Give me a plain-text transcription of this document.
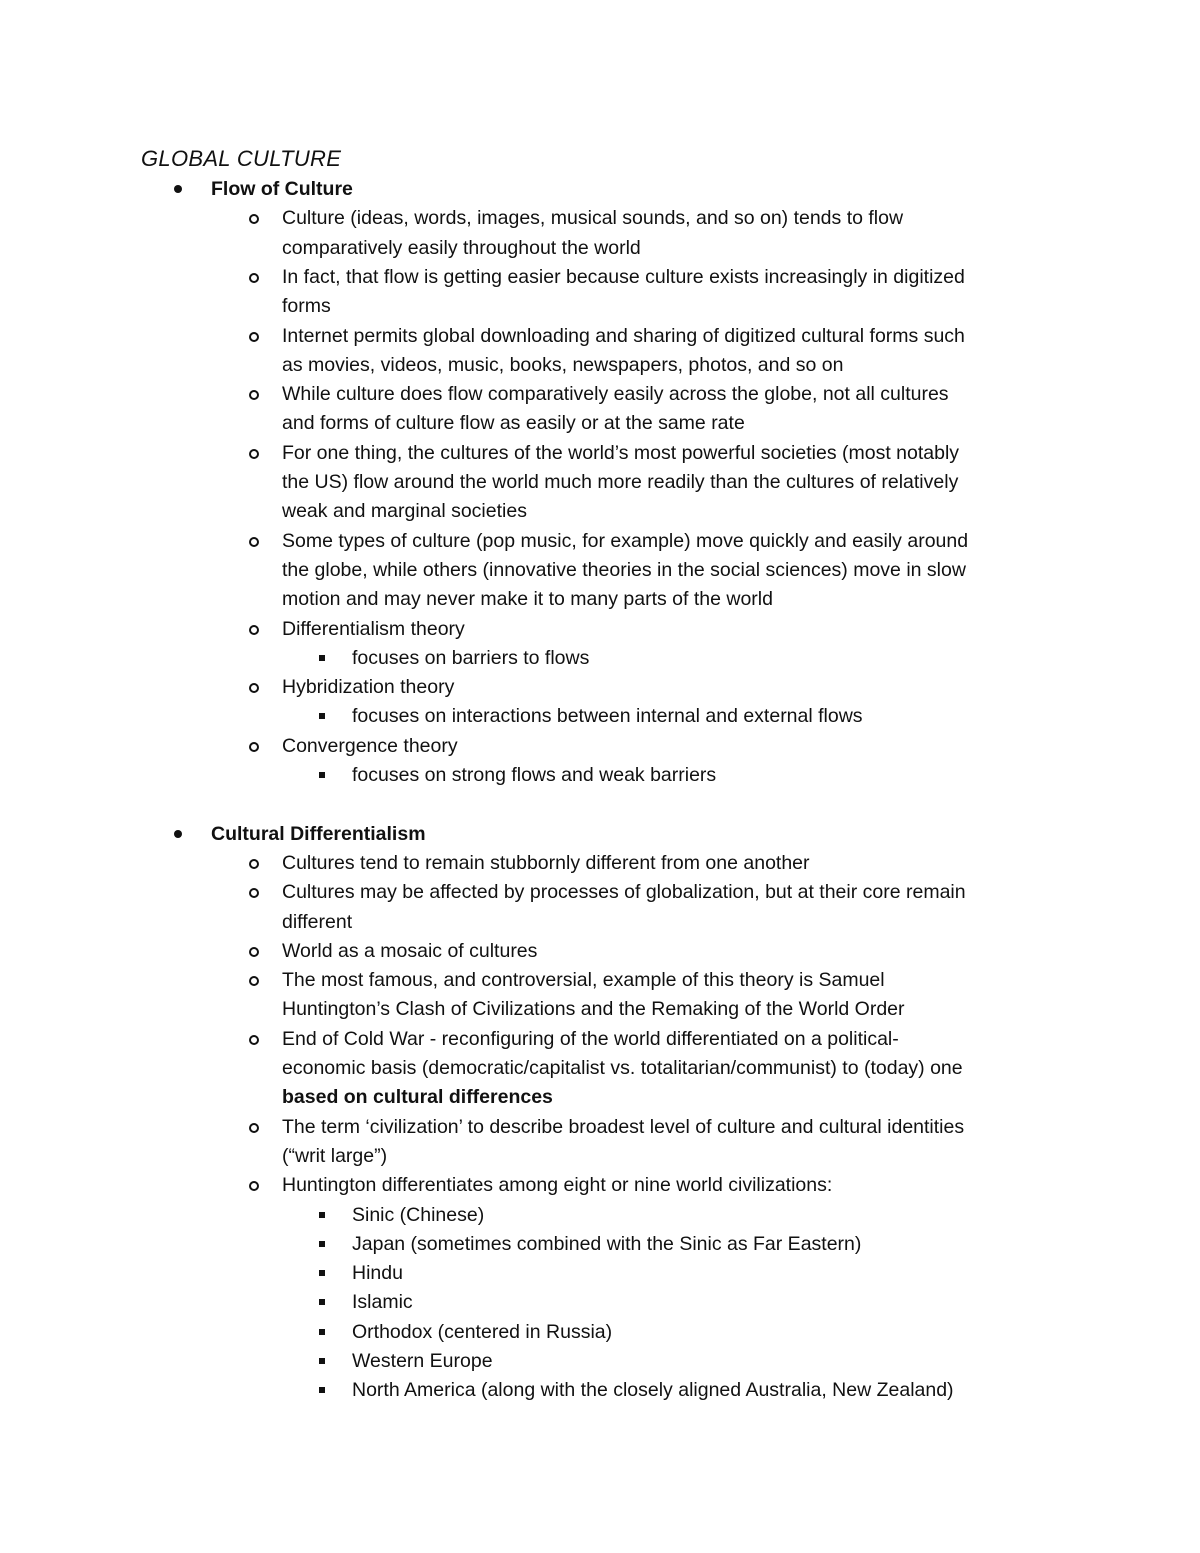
GLOBAL CULTURE
Flow of Culture
Culture (ideas, words, images, musical sounds, and so on) tends to flow
comparatively easily throughout the world
In fact, that flow is getting easier because culture exists increasingly in digitized
forms
Internet permits global downloading and sharing of digitized cultural forms such
as movies, videos, music, books, newspapers, photos, and so on
While culture does flow comparatively easily across the globe, not all cultures
and forms of culture flow as easily or at the same rate
For one thing, the cultures of the world’s most powerful societies (most notably
the US) flow around the world much more readily than the cultures of relatively
weak and marginal societies
Some types of culture (pop music, for example) move quickly and easily around
the globe, while others (innovative theories in the social sciences) move in slow
motion and may never make it to many parts of the world
Differentialism theory
focuses on barriers to flows
Hybridization theory
focuses on interactions between internal and external flows
Convergence theory
focuses on strong flows and weak barriers
Cultural Differentialism
Cultures tend to remain stubbornly different from one another
Cultures may be affected by processes of globalization, but at their core remain
different
World as a mosaic of cultures
The most famous, and controversial, example of this theory is Samuel
Huntington’s Clash of Civilizations and the Remaking of the World Order
End of Cold War - reconfiguring of the world differentiated on a political-
economic basis (democratic/capitalist vs. totalitarian/communist) to (today) one
based on cultural differences
The term ‘civilization’ to describe broadest level of culture and cultural identities
(“writ large”)
Huntington differentiates among eight or nine world civilizations:
Sinic (Chinese)
Japan (sometimes combined with the Sinic as Far Eastern)
Hindu
Islamic
Orthodox (centered in Russia)
Western Europe
North America (along with the closely aligned Australia, New Zealand)
